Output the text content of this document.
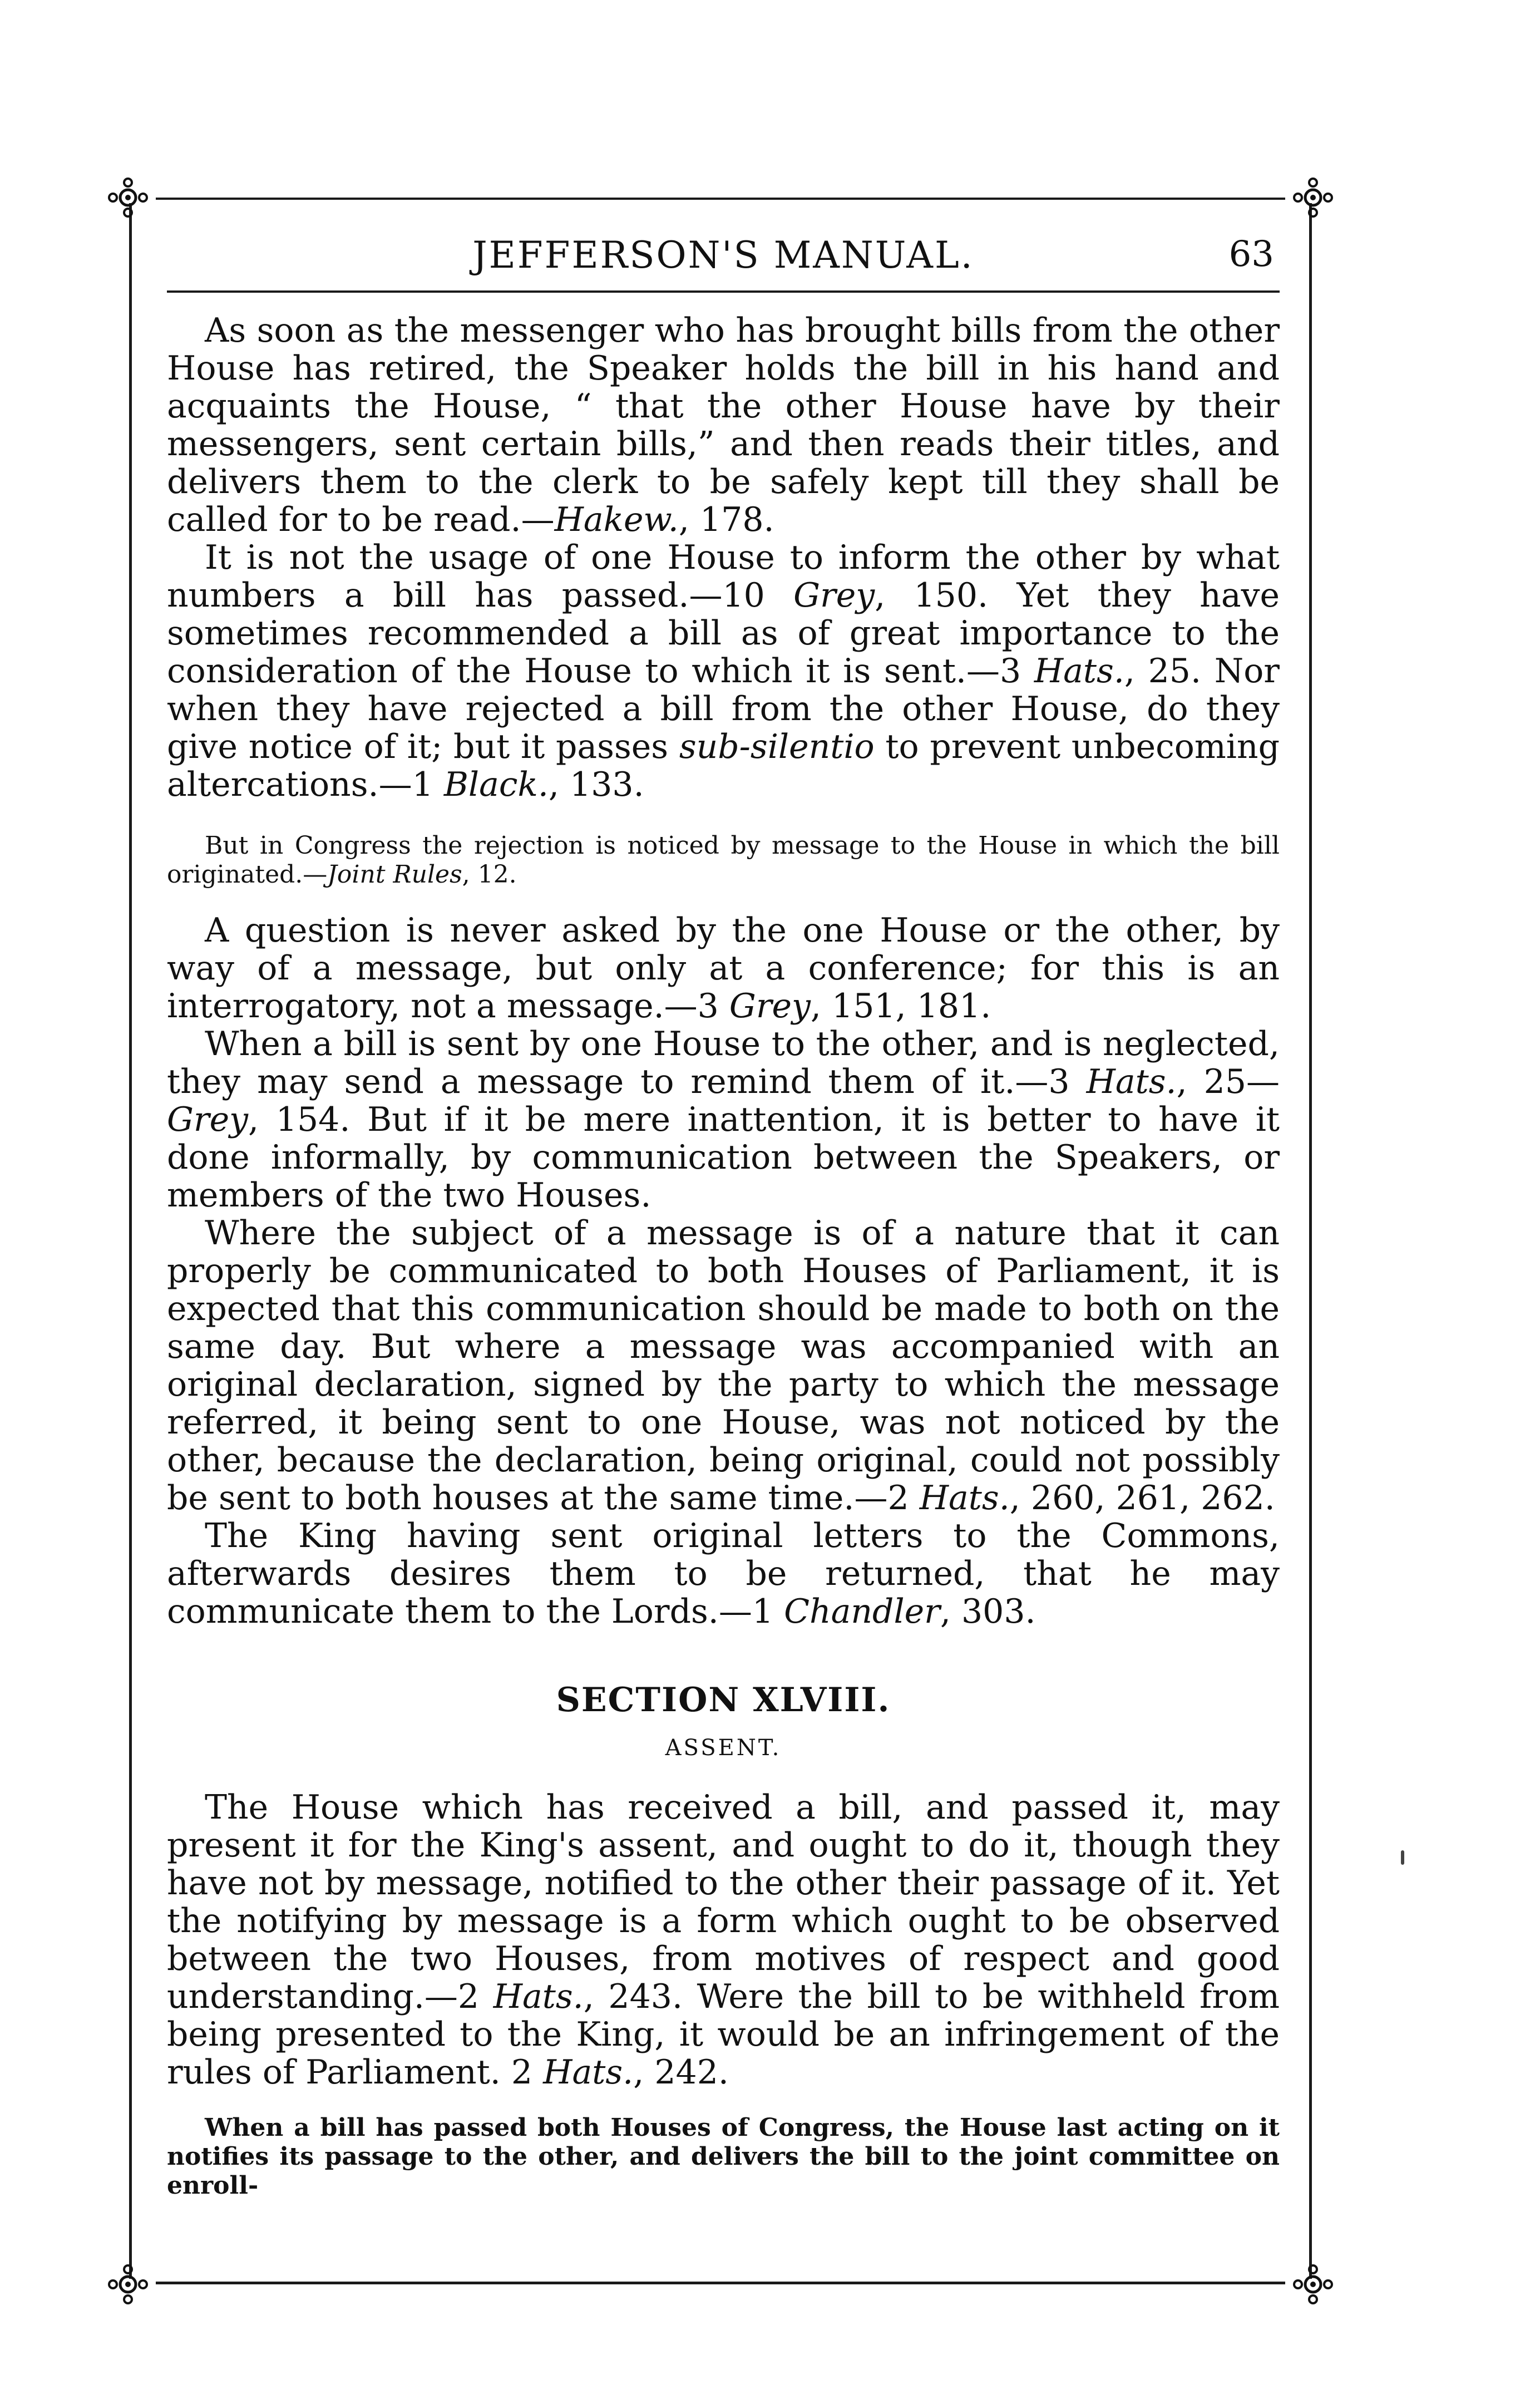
JEFFERSON'S MANUAL.	63

As soon as the messenger who has brought bills from the other House has retired, the Speaker holds the bill in his hand and acquaints the House, “ that the other House have by their messengers, sent certain bills,” and then reads their titles, and delivers them to the clerk to be safely kept till they shall be called for to be read.—Hakew., 178.

It is not the usage of one House to inform the other by what numbers a bill has passed.—10 Grey, 150. Yet they have sometimes recommended a bill as of great importance to the consideration of the House to which it is sent.—3 Hats., 25. Nor when they have rejected a bill from the other House, do they give notice of it; but it passes sub-silentio to prevent unbecoming altercations.—1 Black., 133.

But in Congress the rejection is noticed by message to the House in which the bill originated.—Joint Rules, 12.

A question is never asked by the one House or the other, by way of a message, but only at a conference; for this is an interrogatory, not a message.—3 Grey, 151, 181.

When a bill is sent by one House to the other, and is neglected, they may send a message to remind them of it.—3 Hats., 25—Grey, 154. But if it be mere inattention, it is better to have it done informally, by communication between the Speakers, or members of the two Houses.

Where the subject of a message is of a nature that it can properly be communicated to both Houses of Parliament, it is expected that this communication should be made to both on the same day. But where a message was accompanied with an original declaration, signed by the party to which the message referred, it being sent to one House, was not noticed by the other, because the declaration, being original, could not possibly be sent to both houses at the same time.—2 Hats., 260, 261, 262.

The King having sent original letters to the Commons, afterwards desires them to be returned, that he may communicate them to the Lords.—1 Chandler, 303.

SECTION XLVIII.
ASSENT.

The House which has received a bill, and passed it, may present it for the King's assent, and ought to do it, though they have not by message, notified to the other their passage of it. Yet the notifying by message is a form which ought to be observed between the two Houses, from motives of respect and good understanding.—2 Hats., 243. Were the bill to be withheld from being presented to the King, it would be an infringement of the rules of Parliament. 2 Hats., 242.

When a bill has passed both Houses of Congress, the House last acting on it notifies its passage to the other, and delivers the bill to the joint committee on enroll-
